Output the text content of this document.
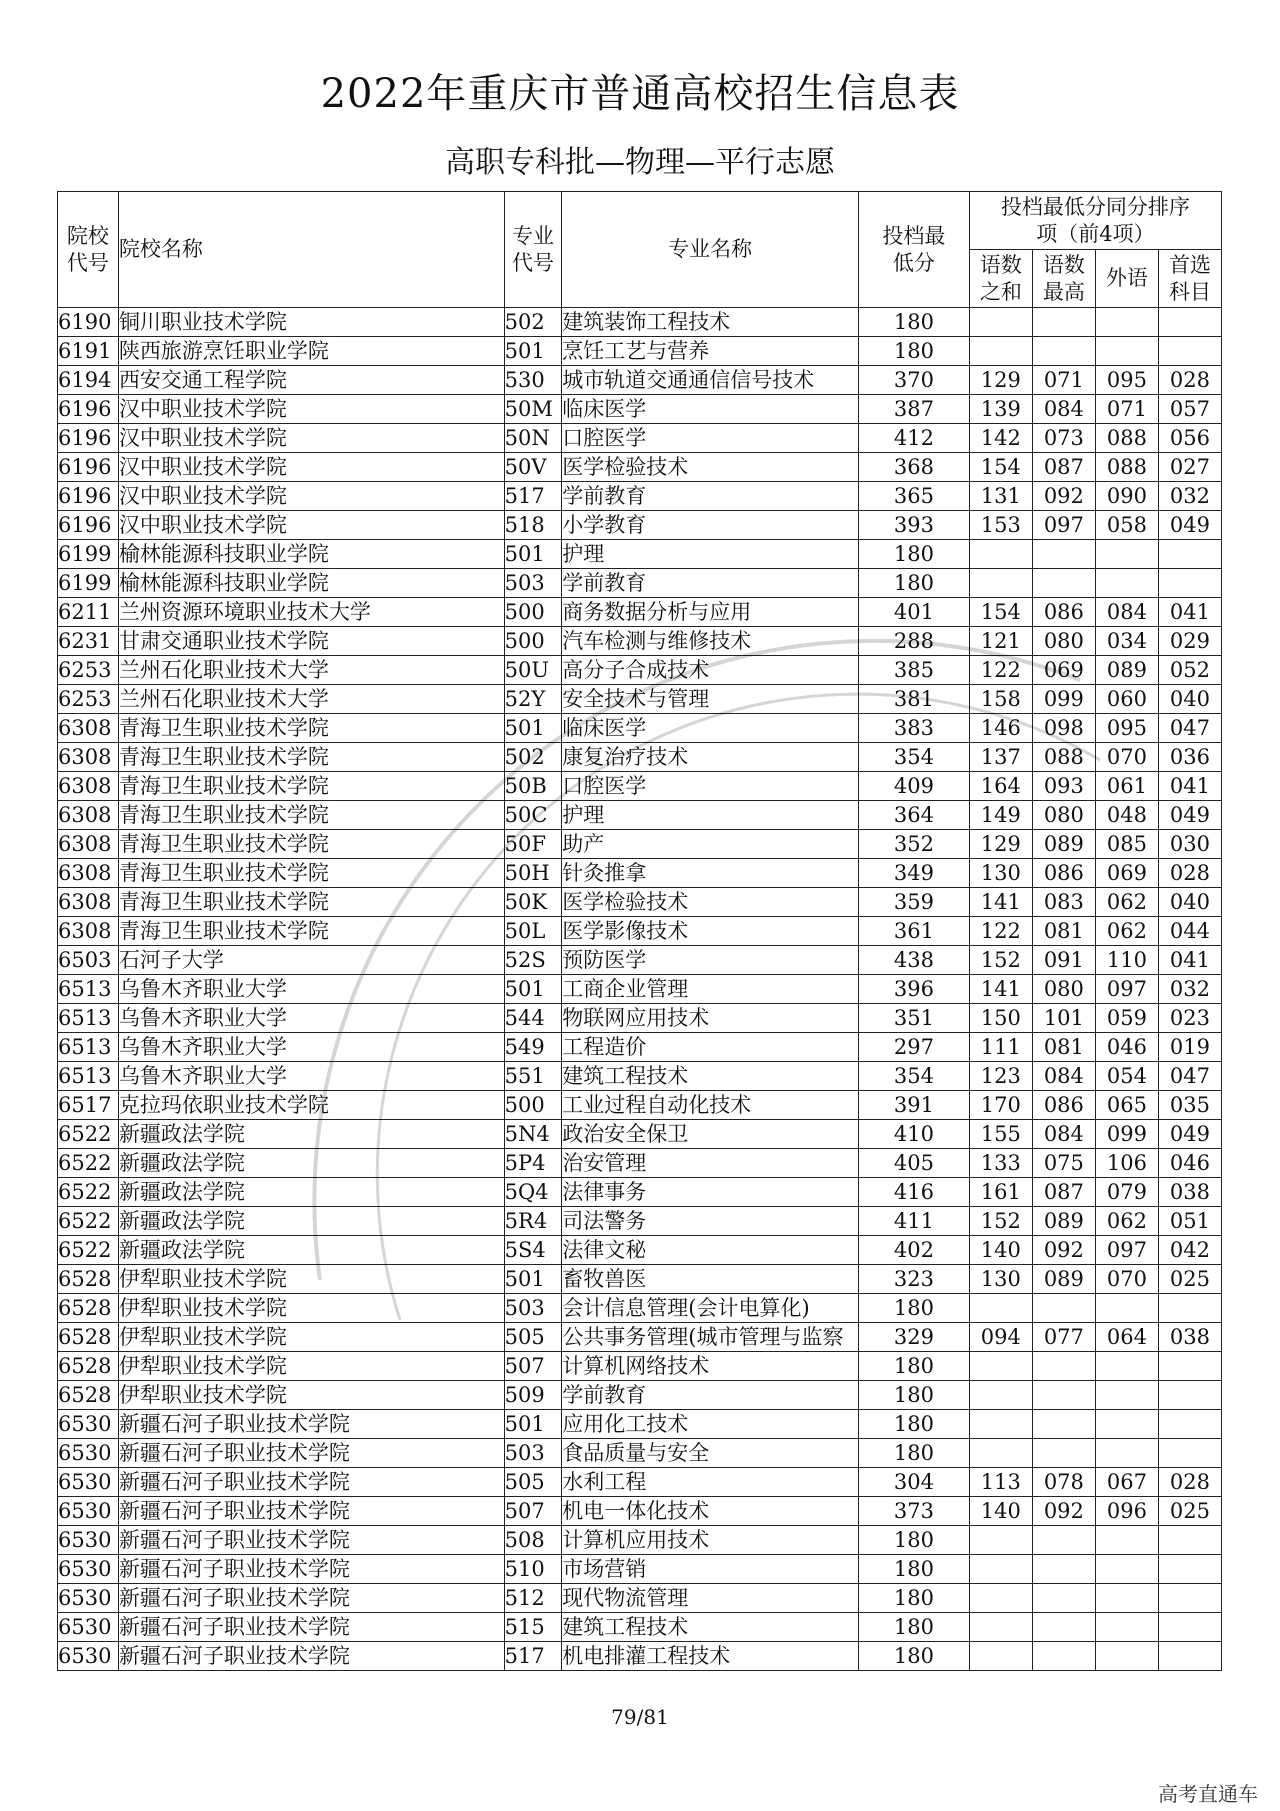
2022年重庆市普通高校招生信息表
高职专科批—物理—平行志愿
院校代号	院校名称	专业代号	专业名称	投档最低分	投档最低分同分排序项（前4项）			

					语数之和	语数最高	外语	首选科目

6190	铜川职业技术学院	502	建筑装饰工程技术	180				
6191	陕西旅游烹饪职业学院	501	烹饪工艺与营养	180				
6194	西安交通工程学院	530	城市轨道交通通信信号技术	370	129	071	095	028
6196	汉中职业技术学院	50M	临床医学	387	139	084	071	057
6196	汉中职业技术学院	50N	口腔医学	412	142	073	088	056
6196	汉中职业技术学院	50V	医学检验技术	368	154	087	088	027
6196	汉中职业技术学院	517	学前教育	365	131	092	090	032
6196	汉中职业技术学院	518	小学教育	393	153	097	058	049
6199	榆林能源科技职业学院	501	护理	180				
6199	榆林能源科技职业学院	503	学前教育	180				
6211	兰州资源环境职业技术大学	500	商务数据分析与应用	401	154	086	084	041
6231	甘肃交通职业技术学院	500	汽车检测与维修技术	288	121	080	034	029
6253	兰州石化职业技术大学	50U	高分子合成技术	385	122	069	089	052
6253	兰州石化职业技术大学	52Y	安全技术与管理	381	158	099	060	040
6308	青海卫生职业技术学院	501	临床医学	383	146	098	095	047
6308	青海卫生职业技术学院	502	康复治疗技术	354	137	088	070	036
6308	青海卫生职业技术学院	50B	口腔医学	409	164	093	061	041
6308	青海卫生职业技术学院	50C	护理	364	149	080	048	049
6308	青海卫生职业技术学院	50F	助产	352	129	089	085	030
6308	青海卫生职业技术学院	50H	针灸推拿	349	130	086	069	028
6308	青海卫生职业技术学院	50K	医学检验技术	359	141	083	062	040
6308	青海卫生职业技术学院	50L	医学影像技术	361	122	081	062	044
6503	石河子大学	52S	预防医学	438	152	091	110	041
6513	乌鲁木齐职业大学	501	工商企业管理	396	141	080	097	032
6513	乌鲁木齐职业大学	544	物联网应用技术	351	150	101	059	023
6513	乌鲁木齐职业大学	549	工程造价	297	111	081	046	019
6513	乌鲁木齐职业大学	551	建筑工程技术	354	123	084	054	047
6517	克拉玛依职业技术学院	500	工业过程自动化技术	391	170	086	065	035
6522	新疆政法学院	5N4	政治安全保卫	410	155	084	099	049
6522	新疆政法学院	5P4	治安管理	405	133	075	106	046
6522	新疆政法学院	5Q4	法律事务	416	161	087	079	038
6522	新疆政法学院	5R4	司法警务	411	152	089	062	051
6522	新疆政法学院	5S4	法律文秘	402	140	092	097	042
6528	伊犁职业技术学院	501	畜牧兽医	323	130	089	070	025
6528	伊犁职业技术学院	503	会计信息管理(会计电算化)	180				
6528	伊犁职业技术学院	505	公共事务管理(城市管理与监察	329	094	077	064	038
6528	伊犁职业技术学院	507	计算机网络技术	180				
6528	伊犁职业技术学院	509	学前教育	180				
6530	新疆石河子职业技术学院	501	应用化工技术	180				
6530	新疆石河子职业技术学院	503	食品质量与安全	180				
6530	新疆石河子职业技术学院	505	水利工程	304	113	078	067	028
6530	新疆石河子职业技术学院	507	机电一体化技术	373	140	092	096	025
6530	新疆石河子职业技术学院	508	计算机应用技术	180				
6530	新疆石河子职业技术学院	510	市场营销	180				
6530	新疆石河子职业技术学院	512	现代物流管理	180				
6530	新疆石河子职业技术学院	515	建筑工程技术	180				
6530	新疆石河子职业技术学院	517	机电排灌工程技术	180				
79/81
高考直通车
